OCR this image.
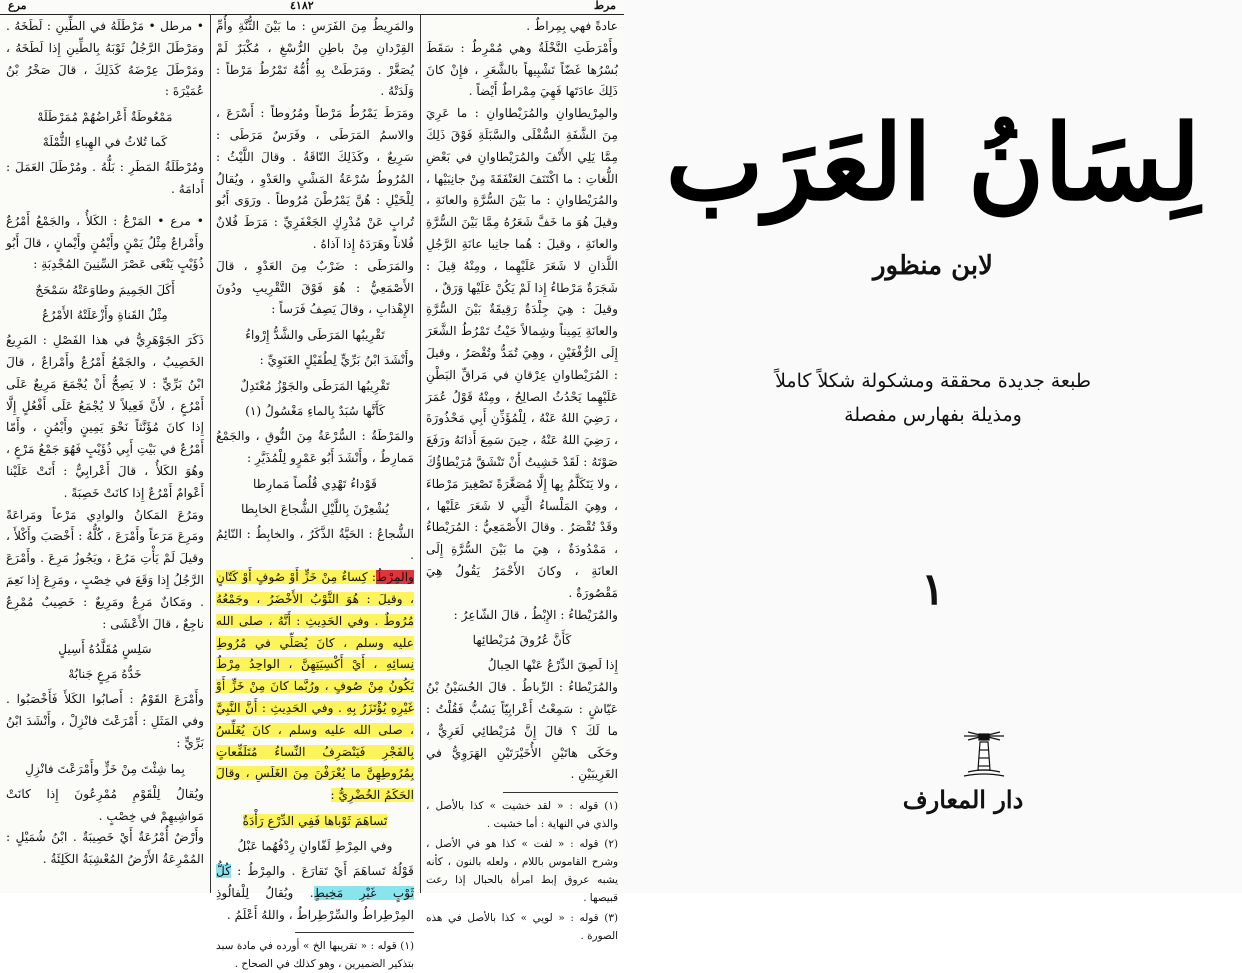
مرع	٤١٨٢	مرط

عادةً فهي بِمِراطٌ .

وأَمْرَطَتِ النَّخْلَةُ وهي مُمْرِطٌ : سَقَطَ بُسْرُها غَضّاً تَشْبِيهاً بالشَّعَرِ ، فإِنْ كانَ ذَلِكَ عادَتَها فَهِيَ مِمْراطٌ أَيْضاً .

والمِرْيطاوانِ والمُرَيْطاوانِ : ما عَرِيَ مِنَ الشَّفَةِ السُّفْلَى والسَّبَلَةِ فَوْقَ ذَلِكَ مِمَّا يَلِي الأَنْفَ والمُرَيْطاوانِ في بَعْضِ اللُّغاتِ : ما اكْتَنَفَ العَنْفَقَةَ مِنْ جانِبَيْها ، والمُرَيْطاوانِ : ما بَيْنَ السُّرَّةِ والعانَةِ ، وقيلَ هُوَ ما خَفَّ شَعَرُهُ مِمَّا بَيْنَ السُّرَّةِ والعانَةِ ، وقيلَ : هُما جانِبا عانَةِ الرَّجُلِ اللَّذانِ لا شَعَرَ عَلَيْهِما ، ومِنْهُ قِيلَ : شَجَرَةٌ مَرْطاءُ إِذا لَمْ يَكُنْ عَلَيْها وَرَقٌ ،

وقيلَ : هِيَ جِلْدَةٌ رَقِيقَةٌ بَيْنَ السُّرَّةِ والعانَةِ يَمِيناً وشِمالاً حَيْثُ تَمْرُطُ الشَّعَرَ إِلَى الرُّفْغَيْنِ ، وهِيَ تُمَدُّ وتُقْصَرُ ، وقيلَ : المُرَيْطاوانِ عِرْقانِ في مَراقِّ البَطْنِ عَلَيْهِما يَحْدُثُ الصالِحُ ، ومِنْهُ قَوْلُ عُمَرَ ، رَضِيَ اللهُ عَنْهُ ، لِلْمُؤَذِّنِ أَبِي مَحْذُورَةَ ، رَضِيَ اللهُ عَنْهُ ، حِينَ سَمِعَ أَذانَهُ ورَفَعَ صَوْتَهُ : لَقَدْ خَشِيتُ أَنْ تَنْشَقَّ مُرَيْطاؤُكَ ، ولا يَتَكَلَّمُ بِها إِلَّا مُصَغَّرَةً تَصْغِيرَ مَرْطاءَ ، وهِيَ المَلْساءُ الَّتِي لا شَعَرَ عَلَيْها ، وقَدْ تُقْصَرُ . وقالَ الأَصْمَعِيُّ : المُرَيْطاءُ ، مَمْدُودَةٌ ، هِيَ ما بَيْنَ السُّرَّةِ إِلَى العانَةِ ، وكانَ الأَحْمَرُ يَقُولُ هِيَ مَقْصُورَةٌ .

والمُرَيْطاءُ : الإِبْطُ ، قالَ الشّاعِرُ :

كَأَنَّ عُرُوقَ مُرَيْطائِها

إِذا لَصِقَ الدِّرْعُ عَنْها الحِبالُ

والمُرَيْطاءُ : الرِّباطُ . قالَ الحُسَيْنُ بْنُ عَيّاشٍ : سَمِعْتُ أَعْرابِيّاً يَسُبُّ فَقُلْتُ : ما لَكَ ؟ قالَ إِنَّ مُرَيْطائِي لَعَرِيٌّ ، وحَكَى هاتَيْنِ الأُخَيْرَتَيْنِ الهَرَوِيُّ في الغَرِيبَيْنِ .

(١) قوله : « لقد خشيت » كذا بالأصل ، والذي في النهاية : أما خشيت .

(٢) قوله : « لفت » كذا هو في الأصل ، وشرح القاموس باللام ، ولعله بالنون ، كأنه يشبه عروق إبط امرأة بالحبال إذا رعت قبيصها .

(٣) قوله : « لويي » كذا بالأصل في هذه الصورة .

والمَرِيطُ مِنَ الفَرَسِ : ما بَيْنَ الثُّنَّةِ وأُمِّ القِرْدانِ مِنْ باطِنِ الرُّسْغِ ، مُكْبَرٌ لَمْ يُصَغَّرْ . ومَرَطَتْ بِهِ أُمُّهُ تَمْرُطُ مَرْطاً : وَلَدَتْهُ .

ومَرَطَ يَمْرُطُ مَرْطاً ومُرُوطاً : أَسْرَعَ ، والاسمُ المَرَطَى ، وفَرَسٌ مَرَطَى : سَرِيعٌ ، وكَذَلِكَ النّاقَةُ . وقالَ اللَّيْثُ : المُرُوطُ سُرْعَةُ المَشْيِ والعَدْوِ ، ويُقالُ لِلْخَيْلِ : هُنَّ يَمْرُطْنَ مُرُوطاً . ورَوَى أَبُو تُرابٍ عَنْ مُدْرِكٍ الجَعْفَرِيِّ : مَرَطَ فُلانٌ فُلاناً وهَرَدَهُ إِذا آذاهُ .

والمَرَطَى : ضَرْبٌ مِنَ العَدْوِ ، قالَ الأَصْمَعِيُّ : هُوَ فَوْقَ التَّقْرِيبِ ودُونَ الإِهْذابِ ، وقالَ يَصِفُ فَرَساً :

تَقْرِيبُها المَرَطَى والشَّدُّ إِرْواءُ

وأَنْشَدَ ابْنُ بَرِّيٍّ لِطُفَيْلٍ الغَنَوِيِّ :

تَقْرِيبُها المَرَطَى والجَوْزُ مُعْتَدِلٌ

كَأَنَّها سُبَدٌ بِالماءِ مَغْسُولُ (١)

والمَرْطَةُ : السُّرْعَةُ مِنَ النُّوقِ ، والجَمْعُ مَمارِطُ ، وأَنْشَدَ أَبُو عَمْرٍو لِلْمُذَيَّرِ :

قَوْداءُ تَهْدِي قُلُصاً مَمارِطا

يُشْعِرْنَ بِاللَّيْلِ الشُّجاعَ الخابِطا

الشُّجاعُ : الحَيَّةُ الذَّكَرُ ، والخابِطُ : النّائِمُ .

والمِرْطُ: كِساءٌ مِنْ خَزٍّ أَوْ صُوفٍ أَوْ كَتّانٍ ، وقيلَ : هُوَ الثَّوْبُ الأَخْضَرُ ، وجَمْعُهُ مُرُوطٌ . وفي الحَدِيثِ : أَنَّهُ ، صلى الله عليه وسلم ، كانَ يُصَلِّي في مُرُوطِ نِسائِهِ ، أَيْ أَكْسِيَتِهِنَّ ، الواحِدُ مِرْطٌ يَكُونُ مِنْ صُوفٍ ، ورُبَّما كانَ مِنْ خَزٍّ أَوْ غَيْرِهِ يُؤْتَزَرُ بِهِ . وفي الحَدِيثِ : أَنَّ النَّبِيَّ ، صلى الله عليه وسلم ، كانَ يُغَلِّسُ بِالفَجْرِ فَيَنْصَرِفُ النِّساءُ مُتَلَفِّعاتٍ بِمُرُوطِهِنَّ ما يُعْرَفْنَ مِنَ الغَلَسِ ، وقالَ الحَكَمُ الخُضْرِيُّ :

تَساهَمَ ثَوْباها فَفِي الدِّرْعِ رَأْدَةٌ

وفي المِرْطِ لَفّاوانِ رِدْفُهُما عَبْلُ

قَوْلُهُ تَساهَمَ أَيْ تَقارَعَ . والمِرْطُ : كُلُّ ثَوْبٍ غَيْرِ مَخِيطٍ. ويُقالُ لِلْفالُوذِ المِرْطِراطُ والسِّرْطِراطُ ، واللهُ أَعْلَمُ .

(١) قوله : « تقريبها الخ » أورده في مادة سبد بتذكير الضميرين ، وهو كذلك في الصحاح .

• مرطل • مَرْطَلَهُ في الطِّينِ : لَطَخَهُ . ومَرْطَلَ الرَّجُلُ ثَوْبَهُ بِالطِّينِ إِذا لَطَخَهُ ، ومَرْطَلَ عِرْضَهُ كَذَلِكَ ، قالَ صَخْرُ بْنُ عُمَيْرَةَ :

مَمْعُوطَةٌ أَعْراضُهُمْ مُمَرْطَلَهْ

كَما تُلاثُ في الهِباءِ الثُّمْلَهْ

ومُرْطَلَةُ المَطَرِ : بَلُّهُ . ومُرْطَلَ العَمَلَ : أَدامَهُ .

• مرع • المَرْعُ : الكَلأُ ، والجَمْعُ أَمْرُعٌ وأَمْراعٌ مِثْلُ يَمْنٍ وأَيْمُنٍ وأَيْمانٍ ، قالَ أَبُو ذُؤَيْبٍ يَنْعَى عَصْرَ السِّنِينَ المُجْدِبَةِ :

أَكَلَ الجَمِيمَ وطاوَعَتْهُ سَمْحَجٌ

مِثْلُ القَناةِ وأَزْعَلَتْهُ الأَمْرُعُ

ذَكَرَ الجَوْهَرِيُّ في هذا الفَصْلِ : المَرِيعُ الخَصِيبُ ، والجَمْعُ أَمْرُعٌ وأَمْراعٌ ، قالَ ابْنُ بَرِّيٍّ : لا يَصِحُّ أَنْ يُجْمَعَ مَرِيعٌ عَلَى أَمْرُعٍ ، لأَنَّ فَعِيلاً لا يُجْمَعُ عَلَى أَفْعُلٍ إِلَّا إِذا كانَ مُؤَنَّثاً نَحْوَ يَمِينٍ وأَيْمُنٍ ، وأَمّا أَمْرُعٌ في بَيْتِ أَبِي ذُؤَيْبٍ فَهُوَ جَمْعُ مَرْعٍ ، وهُوَ الكَلأُ ، قالَ أَعْرابِيٌّ : أَتَتْ عَلَيْنا أَعْوامٌ أَمْرُعٌ إِذا كانَتْ خَصِبَةً .

ومَرُعَ المَكانُ والوادِي مَرْعاً ومَراعَةً ومَرِعَ مَرَعاً وأَمْرَعَ ، كُلُّهُ : أَخْصَبَ وأَكْلأَ ، وقيلَ لَمْ يَأْتِ مَرُعَ ، ويَجُوزُ مَرِعَ . وأَمْرَعَ الرَّجُلُ إِذا وَقَعَ في خِصْبٍ ، ومَرِعَ إِذا نَعِمَ . ومَكانٌ مَرِعٌ ومَرِيعٌ : خَصِيبٌ مُمْرِعٌ ناجِعٌ ، قالَ الأَعْشَى :

سَلِسٍ مُقَلَّدُهُ أَسِيلٍ

خَدُّهُ مَرِعٍ جَنابُهْ

وأَمْرَعَ القَوْمُ : أَصابُوا الكَلأَ فَأَخْصَبُوا . وفي المَثَلِ : أَمْرَعْتَ فانْزِلْ ، وأَنْشَدَ ابْنُ بَرِّيٍّ :

بِما شِئْتَ مِنْ خَزٍّ وأَمْرَعْتَ فانْزِلِ

ويُقالُ لِلْقَوْمِ مُمْرِعُونَ إِذا كانَتْ مَواشِيهِمْ في خِصْبٍ .

وأَرْضٌ أُمْرُعَةٌ أَيْ خَصِيبَةٌ . ابْنُ شُمَيْلٍ : المُمْرِعَةُ الأَرْضُ المُعْشِبَةُ الكَلِئَةُ .

لِسَانُ العَرَب
لابن منظور
طبعة جديدة محققة ومشكولة شكلاً كاملاً
ومذيلة بفهارس مفصلة
١
دار المعارف
